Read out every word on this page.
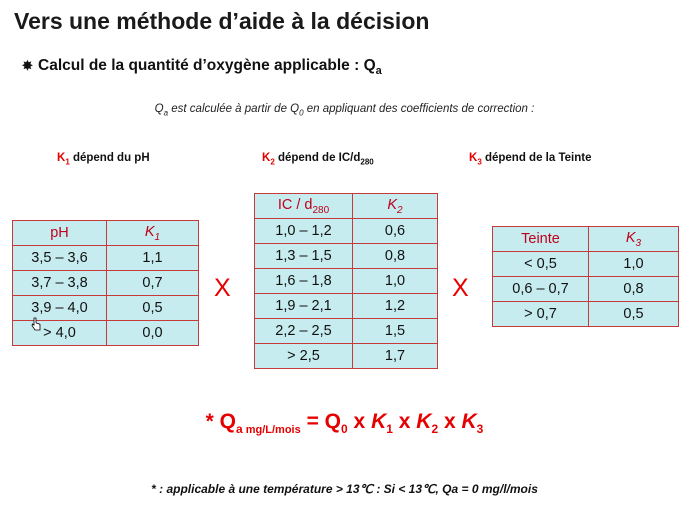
Vers une méthode d’aide à la décision
✸ Calcul de la quantité d’oxygène applicable : $Q_a$
$Q_a$ est calculée à partir de $Q_0$ en appliquant des coefficients de correction :
$K_1$ dépend du pH	$K_2$ dépend de $IC/d_{280}$	$K_3$ dépend de la Teinte
pH	$K_1$
3,5 – 3,6	1,1
3,7 – 3,8	0,7
3,9 – 4,0	0,5
> 4,0	0,0
X
IC / $d_{280}$	$K_2$
1,0 – 1,2	0,6
1,3 – 1,5	0,8
1,6 – 1,8	1,0
1,9 – 2,1	1,2
2,2 – 2,5	1,5
> 2,5	1,7
X
Teinte	$K_3$
< 0,5	1,0
0,6 – 0,7	0,8
> 0,7	0,5
* $Q_a$ $_{mg/L/mois} = Q_0$ x $K_1$ x $K_2$ x $K_3$
* : applicable à une température > 13℃ : Si < 13℃, Qa = 0 mg/l/mois
